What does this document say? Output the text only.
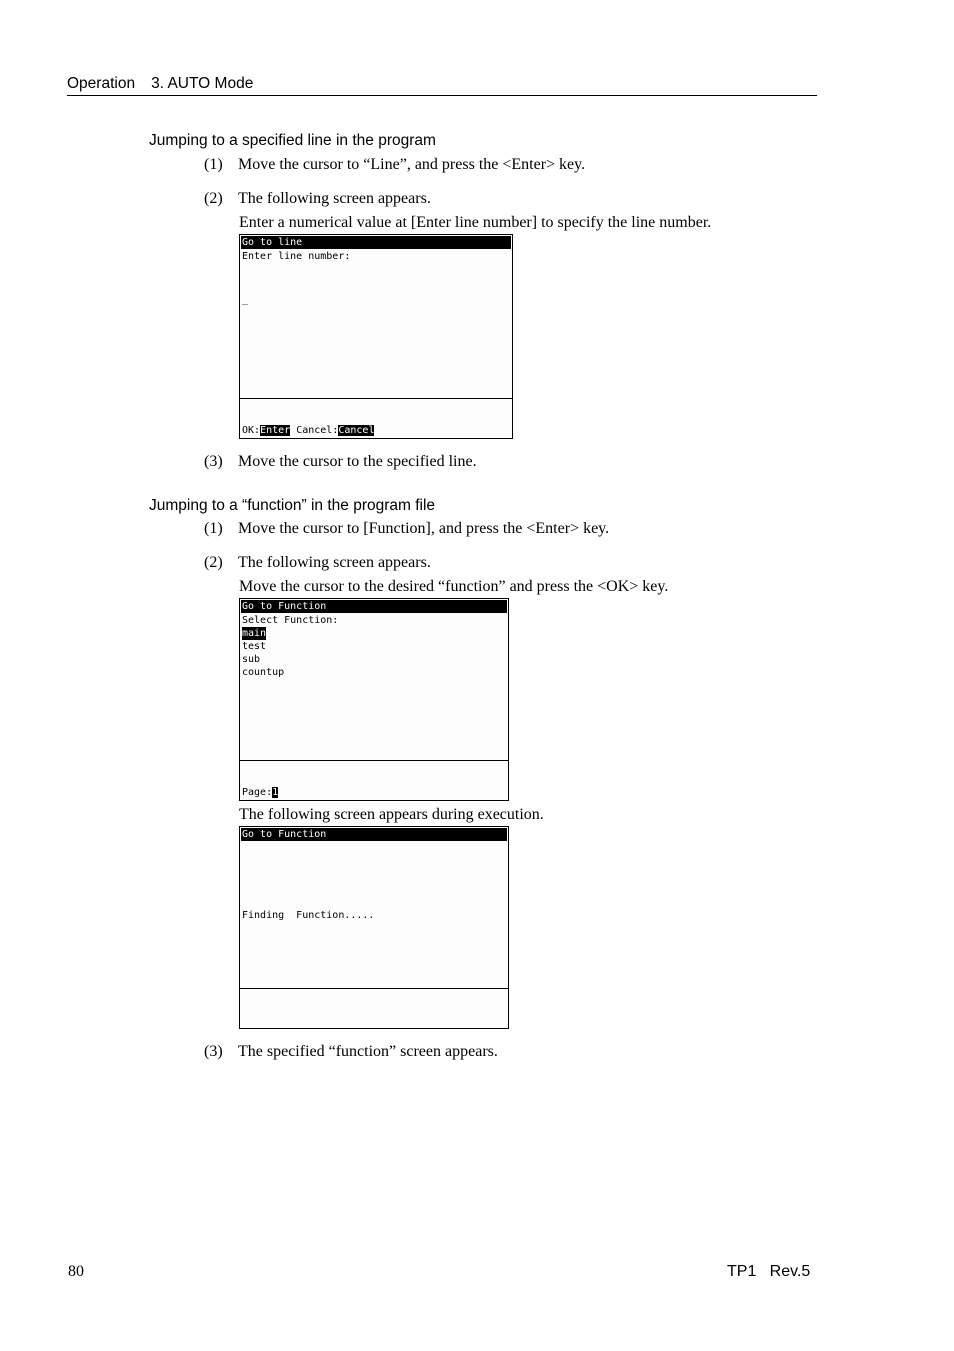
Operation 3. AUTO Mode
Jumping to a specified line in the program
(1) Move the cursor to “Line”, and press the <Enter> key.
(2) The following screen appears.
Enter a numerical value at [Enter line number] to specify the line number.
Go to line
Enter line number:
_
OK:Enter Cancel:Cancel
(3) Move the cursor to the specified line.
Jumping to a “function” in the program file
(1) Move the cursor to [Function], and press the <Enter> key.
(2) The following screen appears.
Move the cursor to the desired “function” and press the <OK> key.
Go to Function
Select Function:
main
test
sub
countup
Page:1
The following screen appears during execution.
Go to Function
Finding  Function.....
(3) The specified “function” screen appears.
80	TP1   Rev.5
